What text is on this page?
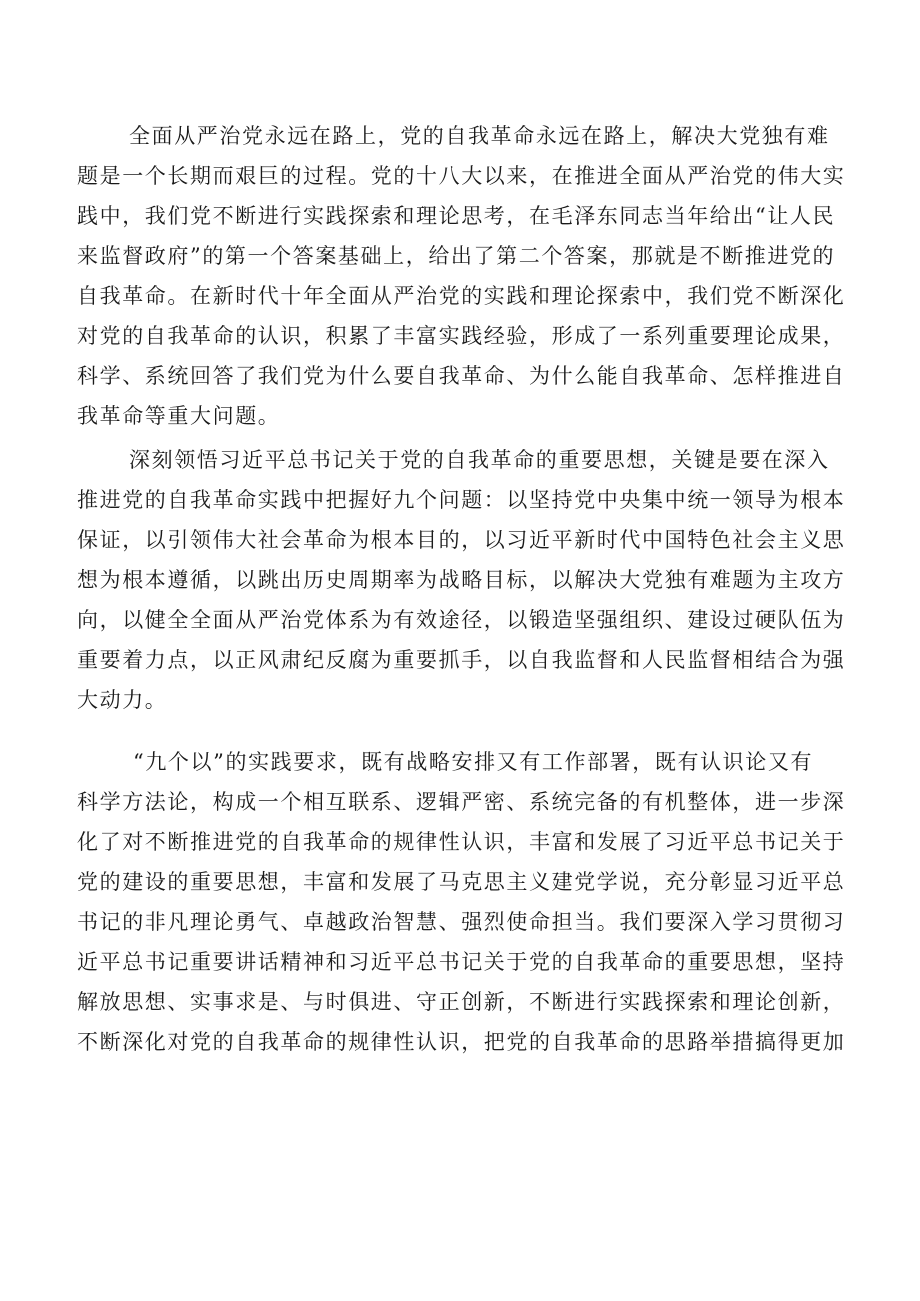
全面从严治党永远在路上，党的自我革命永远在路上，解决大党独有难
题是一个长期而艰巨的过程。党的十八大以来，在推进全面从严治党的伟大实
践中，我们党不断进行实践探索和理论思考，在毛泽东同志当年给出“让人民
来监督政府”的第一个答案基础上，给出了第二个答案，那就是不断推进党的
自我革命。在新时代十年全面从严治党的实践和理论探索中，我们党不断深化
对党的自我革命的认识，积累了丰富实践经验，形成了一系列重要理论成果，
科学、系统回答了我们党为什么要自我革命、为什么能自我革命、怎样推进自
我革命等重大问题。

深刻领悟习近平总书记关于党的自我革命的重要思想，关键是要在深入
推进党的自我革命实践中把握好九个问题：以坚持党中央集中统一领导为根本
保证，以引领伟大社会革命为根本目的，以习近平新时代中国特色社会主义思
想为根本遵循，以跳出历史周期率为战略目标，以解决大党独有难题为主攻方
向，以健全全面从严治党体系为有效途径，以锻造坚强组织、建设过硬队伍为
重要着力点，以正风肃纪反腐为重要抓手，以自我监督和人民监督相结合为强
大动力。

“九个以”的实践要求，既有战略安排又有工作部署，既有认识论又有
科学方法论，构成一个相互联系、逻辑严密、系统完备的有机整体，进一步深
化了对不断推进党的自我革命的规律性认识，丰富和发展了习近平总书记关于
党的建设的重要思想，丰富和发展了马克思主义建党学说，充分彰显习近平总
书记的非凡理论勇气、卓越政治智慧、强烈使命担当。我们要深入学习贯彻习
近平总书记重要讲话精神和习近平总书记关于党的自我革命的重要思想，坚持
解放思想、实事求是、与时俱进、守正创新，不断进行实践探索和理论创新，
不断深化对党的自我革命的规律性认识，把党的自我革命的思路举措搞得更加
